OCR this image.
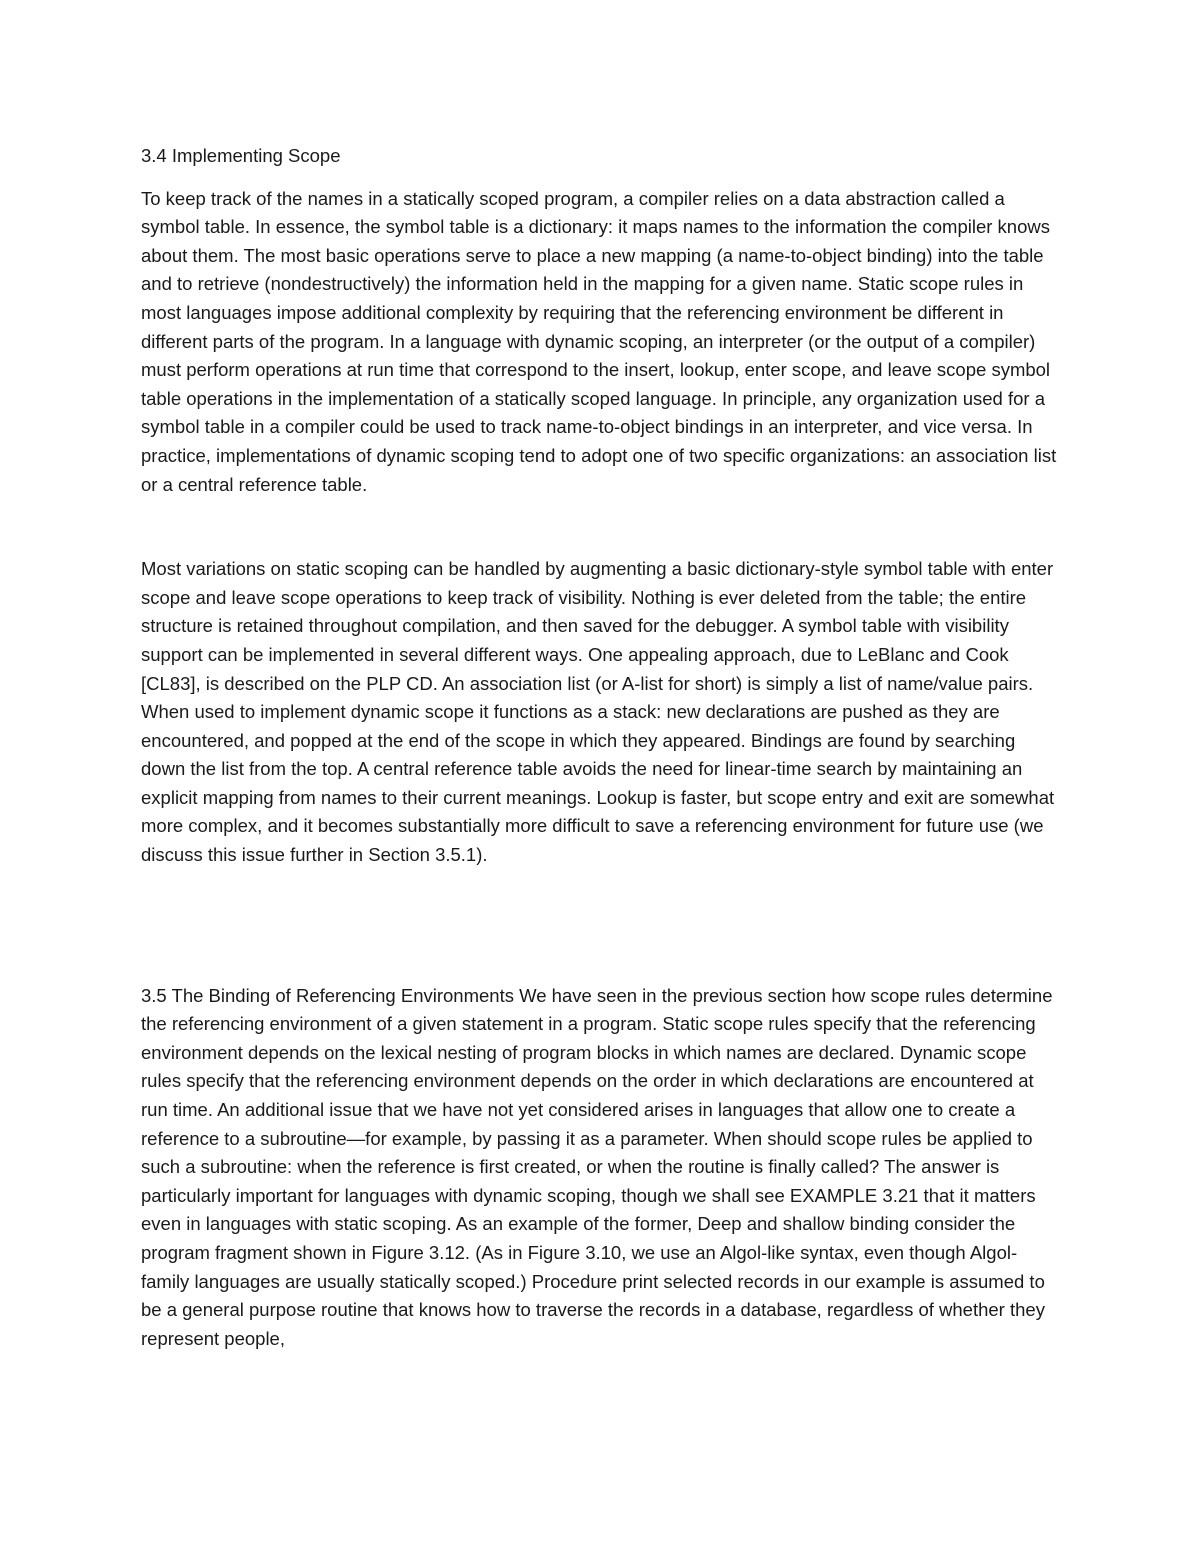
3.4 Implementing Scope

To keep track of the names in a statically scoped program, a compiler relies on a data abstraction called a symbol table. In essence, the symbol table is a dictionary: it maps names to the information the compiler knows about them. The most basic operations serve to place a new mapping (a name-to-object binding) into the table and to retrieve (nondestructively) the information held in the mapping for a given name. Static scope rules in most languages impose additional complexity by requiring that the referencing environment be different in different parts of the program. In a language with dynamic scoping, an interpreter (or the output of a compiler) must perform operations at run time that correspond to the insert, lookup, enter scope, and leave scope symbol table operations in the implementation of a statically scoped language. In principle, any organization used for a symbol table in a compiler could be used to track name-to-object bindings in an interpreter, and vice versa. In practice, implementations of dynamic scoping tend to adopt one of two specific organizations: an association list or a central reference table.

Most variations on static scoping can be handled by augmenting a basic dictionary-style symbol table with enter scope and leave scope operations to keep track of visibility. Nothing is ever deleted from the table; the entire structure is retained throughout compilation, and then saved for the debugger. A symbol table with visibility support can be implemented in several different ways. One appealing approach, due to LeBlanc and Cook [CL83], is described on the PLP CD. An association list (or A-list for short) is simply a list of name/value pairs. When used to implement dynamic scope it functions as a stack: new declarations are pushed as they are encountered, and popped at the end of the scope in which they appeared. Bindings are found by searching down the list from the top. A central reference table avoids the need for linear-time search by maintaining an explicit mapping from names to their current meanings. Lookup is faster, but scope entry and exit are somewhat more complex, and it becomes substantially more difficult to save a referencing environment for future use (we discuss this issue further in Section 3.5.1).

3.5 The Binding of Referencing Environments We have seen in the previous section how scope rules determine the referencing environment of a given statement in a program. Static scope rules specify that the referencing environment depends on the lexical nesting of program blocks in which names are declared. Dynamic scope rules specify that the referencing environment depends on the order in which declarations are encountered at run time. An additional issue that we have not yet considered arises in languages that allow one to create a reference to a subroutine—for example, by passing it as a parameter. When should scope rules be applied to such a subroutine: when the reference is first created, or when the routine is finally called? The answer is particularly important for languages with dynamic scoping, though we shall see EXAMPLE 3.21 that it matters even in languages with static scoping. As an example of the former, Deep and shallow binding consider the program fragment shown in Figure 3.12. (As in Figure 3.10, we use an Algol-like syntax, even though Algol-family languages are usually statically scoped.) Procedure print selected records in our example is assumed to be a general purpose routine that knows how to traverse the records in a database, regardless of whether they represent people,
